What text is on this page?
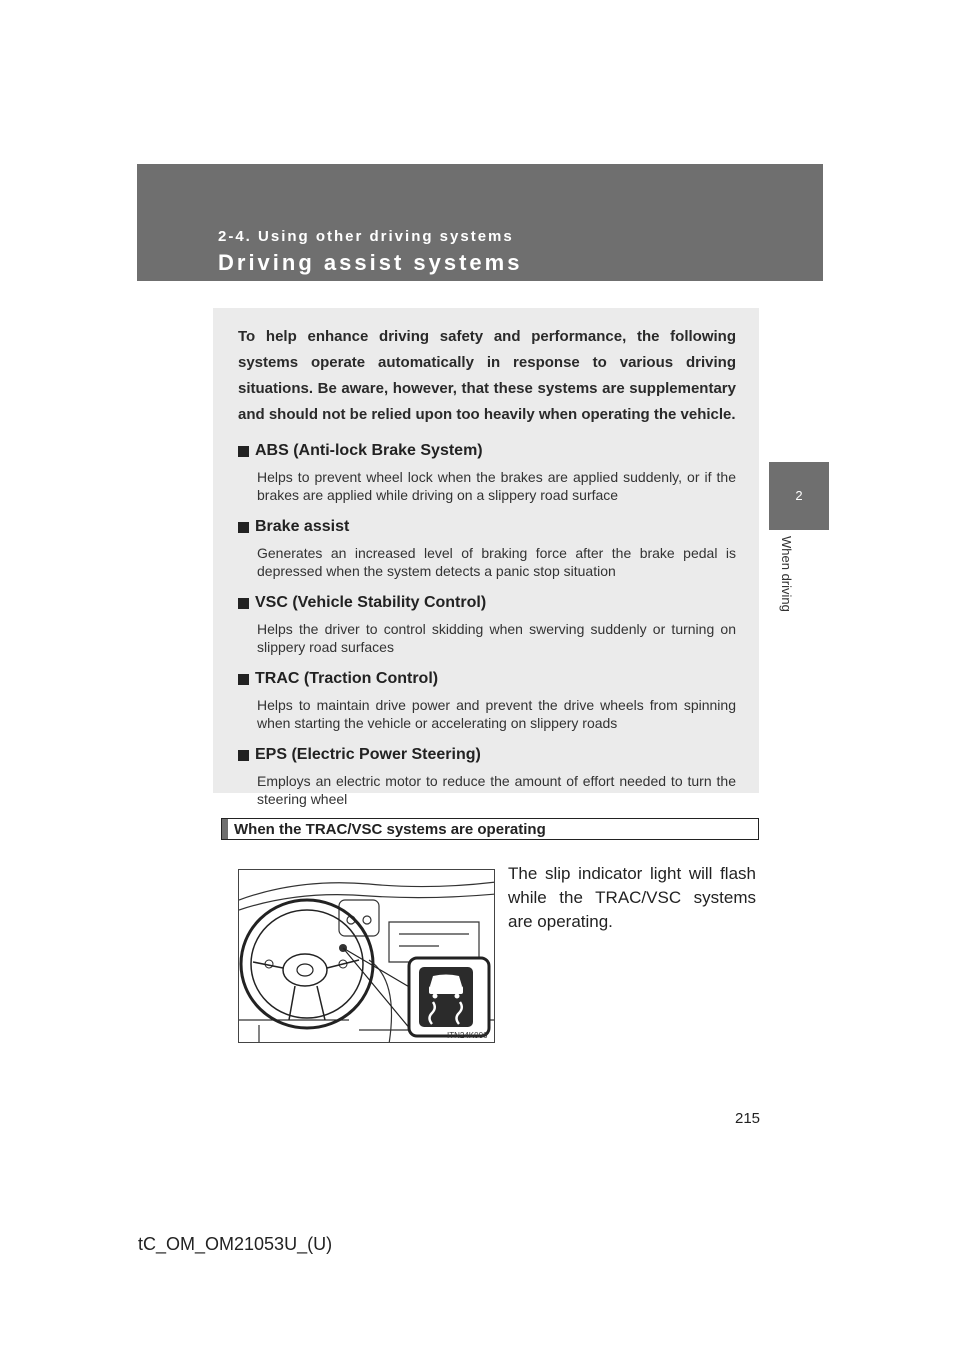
2-4. Using other driving systems
Driving assist systems
2
When driving

To help enhance driving safety and performance, the following systems operate automatically in response to various driving situations. Be aware, however, that these systems are supplementary and should not be relied upon too heavily when operating the vehicle.

ABS (Anti-lock Brake System)

Helps to prevent wheel lock when the brakes are applied suddenly, or if the brakes are applied while driving on a slippery road surface

Brake assist

Generates an increased level of braking force after the brake pedal is depressed when the system detects a panic stop situation

VSC (Vehicle Stability Control)

Helps the driver to control skidding when swerving suddenly or turning on slippery road surfaces

TRAC (Traction Control)

Helps to maintain drive power and prevent the drive wheels from spinning when starting the vehicle or accelerating on slippery roads

EPS (Electric Power Steering)

Employs an electric motor to reduce the amount of effort needed to turn the steering wheel

When the TRAC/VSC systems are operating
ITN24K006
The slip indicator light will flash while the TRAC/VSC systems are operating.
215
tC_OM_OM21053U_(U)
